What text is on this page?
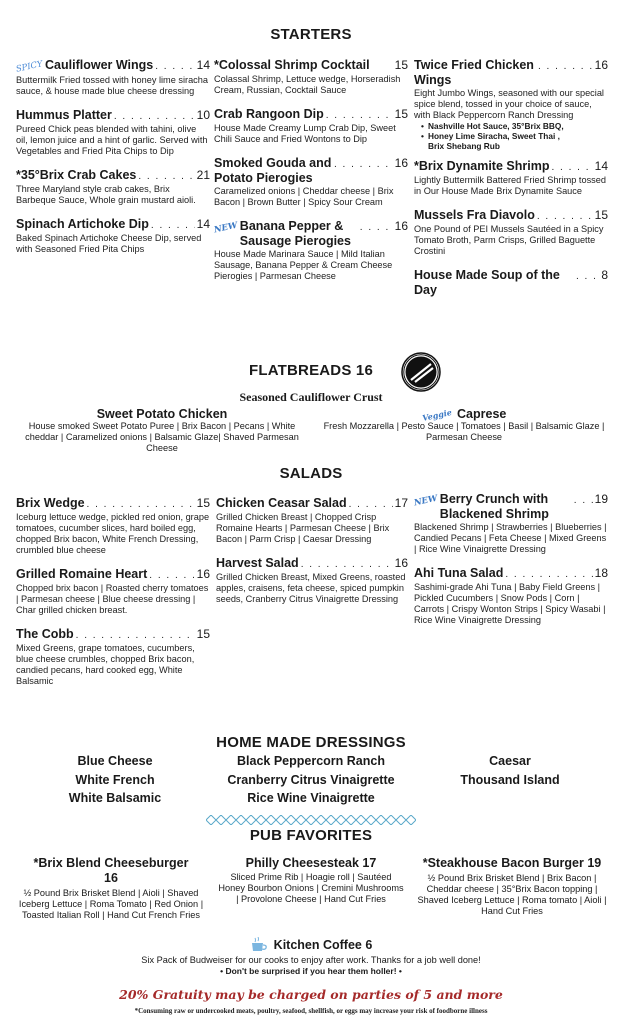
STARTERS
SPICY Cauliflower Wings . . .	14
Buttermilk Fried tossed with honey lime siracha sauce, & house made blue cheese dressing
Hummus Platter . . .	10
Pureed Chick peas blended with tahini, olive oil, lemon juice and a hint of garlic. Served with Vegetables and Fried Pita Chips to Dip
*35°Brix Crab Cakes . . .	21
Three Maryland style crab cakes, Brix Barbeque Sauce, Whole grain mustard aioli.
Spinach Artichoke Dip . . .	14
Baked Spinach Artichoke Cheese Dip, served with Seasoned Fried Pita Chips
*Colossal Shrimp Cocktail 15
Colassal Shrimp, Lettuce wedge, Horseradish Cream, Russian, Cocktail Sauce
Crab Rangoon Dip . . .	15
House Made Creamy Lump Crab Dip, Sweet Chili Sauce and Fried Wontons to Dip
Smoked Gouda and Potato Pierogies
. . .
16
Caramelized onions | Cheddar cheese | Brix Bacon | Brown Butter | Spicy Sour Cream
NEW Banana Pepper & Sausage Pierogies
. . .
16
House Made Marinara Sauce | Mild Italian Sausage, Banana Pepper & Cream Cheese Pierogies | Parmesan Cheese
Twice Fried Chicken Wings
. . .
16
Eight Jumbo Wings, seasoned with our special spice blend, tossed in your choice of sauce, with Black Peppercorn Ranch Dressing
• Nashville Hot Sauce, 35°Brix BBQ,
• Honey Lime Siracha, Sweet Thai ,
Brix Shebang Rub
*Brix Dynamite Shrimp . . .	14
Lightly Buttermilk Battered Fried Shrimp tossed in Our House Made Brix Dynamite Sauce
Mussels Fra Diavolo . . .	15
One Pound of PEI Mussels Sautéed in a Spicy Tomato Broth, Parm Crisps, Grilled Baguette Crostini
House Made Soup of the Day
. . .
8
FLATBREADS 16
Seasoned Cauliflower Crust
Sweet Potato Chicken
House smoked Sweet Potato Puree | Brix Bacon | Pecans | White cheddar | Caramelized onions | Balsamic Glaze| Shaved Parmesan Cheese
Veggie Caprese
Fresh Mozzarella | Pesto Sauce | Tomatoes | Basil | Balsamic Glaze | Parmesan Cheese
SALADS
Brix Wedge . . .	15
Iceburg lettuce wedge, pickled red onion, grape tomatoes, cucumber slices, hard boiled egg, chopped Brix bacon, White French Dressing, crumbled blue cheese
Grilled Romaine Heart . . .	16
Chopped brix bacon | Roasted cherry tomatoes | Parmesan cheese | Blue cheese dressing | Char grilled chicken breast.
The Cobb . . .	15
Mixed Greens, grape tomatoes, cucumbers, blue cheese crumbles, chopped Brix bacon, candied pecans, hard cooked egg, White Balsamic
Chicken Ceasar Salad . . .	17
Grilled Chicken Breast | Chopped Crisp Romaine Hearts | Parmesan Cheese | Brix Bacon | Parm Crisp | Caesar Dressing
Harvest Salad . . .	16
Grilled Chicken Breast, Mixed Greens, roasted apples, craisens, feta cheese, spiced pumpkin seeds, Cranberry Citrus Vinaigrette Dressing
NEW Berry Crunch with Blackened Shrimp
. . .
19
Blackened Shrimp | Strawberries | Blueberries | Candied Pecans | Feta Cheese | Mixed Greens | Rice Wine Vinaigrette Dressing
Ahi Tuna Salad . . .	18
Sashimi-grade Ahi Tuna | Baby Field Greens | Pickled Cucumbers | Snow Pods | Corn | Carrots | Crispy Wonton Strips | Spicy Wasabi | Rice Wine Vinaigrette Dressing
HOME MADE DRESSINGS
Blue Cheese
White French
White Balsamic
Black Peppercorn Ranch
Cranberry Citrus Vinaigrette
Rice Wine Vinaigrette
Caesar
Thousand Island
PUB FAVORITES
*Brix Blend Cheeseburger 16
½ Pound Brix Brisket Blend | Aioli | Shaved Iceberg Lettuce | Roma Tomato | Red Onion | Toasted Italian Roll | Hand Cut French Fries
Philly Cheesesteak 17
Sliced Prime Rib | Hoagie roll | Sautéed Honey Bourbon Onions | Cremini Mushrooms | Provolone Cheese | Hand Cut Fries
*Steakhouse Bacon Burger 19
½ Pound Brix Brisket Blend | Brix Bacon | Cheddar cheese | 35°Brix Bacon topping | Shaved Iceberg Lettuce | Roma tomato | Aioli | Hand Cut Fries
Kitchen Coffee 6
Six Pack of Budweiser for our cooks to enjoy after work. Thanks for a job well done!
• Don't be surprised if you hear them holler! •
20% Gratuity may be charged on parties of 5 and more
*Consuming raw or undercooked meats, poultry, seafood, shellfish, or eggs may increase your risk of foodborne illness
